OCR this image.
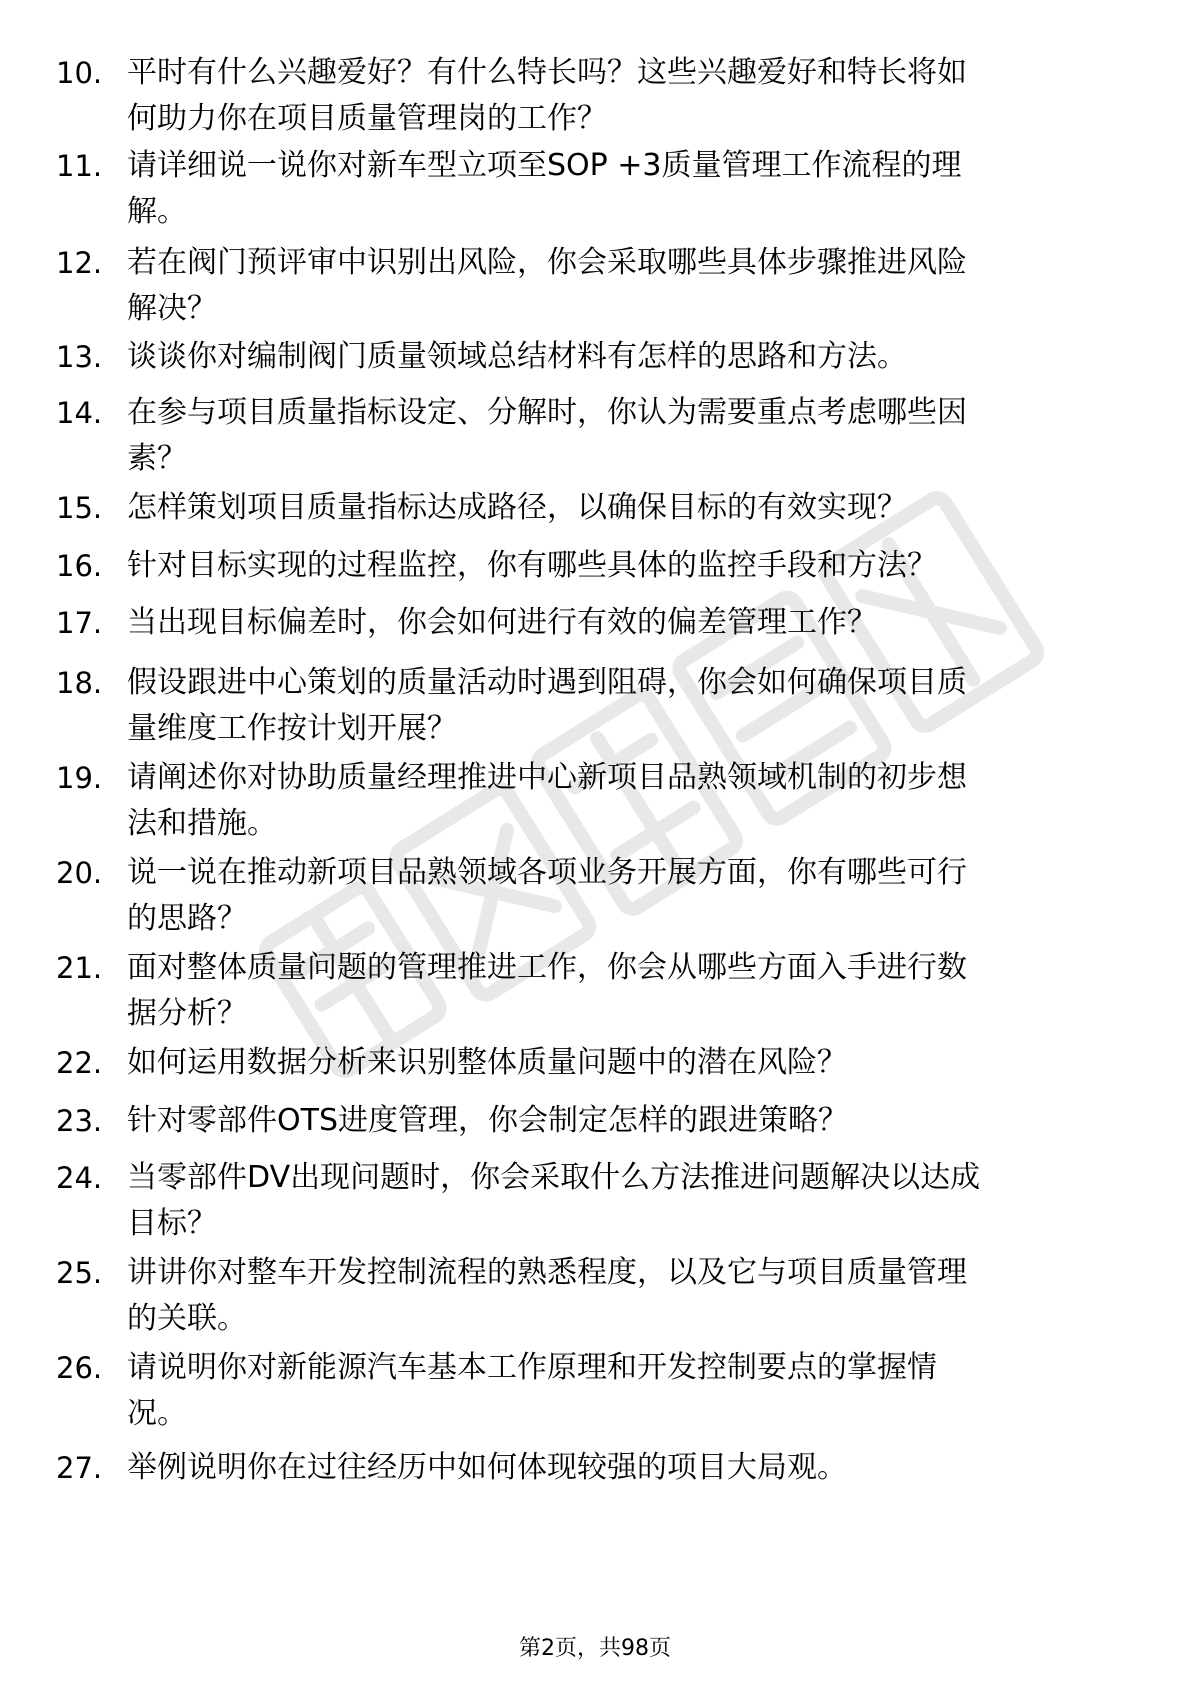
10. 平时有什么兴趣爱好？有什么特长吗？这些兴趣爱好和特长将如
何助力你在项目质量管理岗的工作？
11. 请详细说一说你对新车型立项至SOP +3质量管理工作流程的理
解。
12. 若在阀门预评审中识别出风险，你会采取哪些具体步骤推进风险
解决？
13. 谈谈你对编制阀门质量领域总结材料有怎样的思路和方法。
14. 在参与项目质量指标设定、分解时，你认为需要重点考虑哪些因
素？
15. 怎样策划项目质量指标达成路径，以确保目标的有效实现？
16. 针对目标实现的过程监控，你有哪些具体的监控手段和方法？
17. 当出现目标偏差时，你会如何进行有效的偏差管理工作？
18. 假设跟进中心策划的质量活动时遇到阻碍，你会如何确保项目质
量维度工作按计划开展？
19. 请阐述你对协助质量经理推进中心新项目品熟领域机制的初步想
法和措施。
20. 说一说在推动新项目品熟领域各项业务开展方面，你有哪些可行
的思路？
21. 面对整体质量问题的管理推进工作，你会从哪些方面入手进行数
据分析？
22. 如何运用数据分析来识别整体质量问题中的潜在风险？
23. 针对零部件OTS进度管理，你会制定怎样的跟进策略？
24. 当零部件DV出现问题时，你会采取什么方法推进问题解决以达成
目标？
25. 讲讲你对整车开发控制流程的熟悉程度，以及它与项目质量管理
的关联。
26. 请说明你对新能源汽车基本工作原理和开发控制要点的掌握情
况。
27. 举例说明你在过往经历中如何体现较强的项目大局观。
第2页，共98页
